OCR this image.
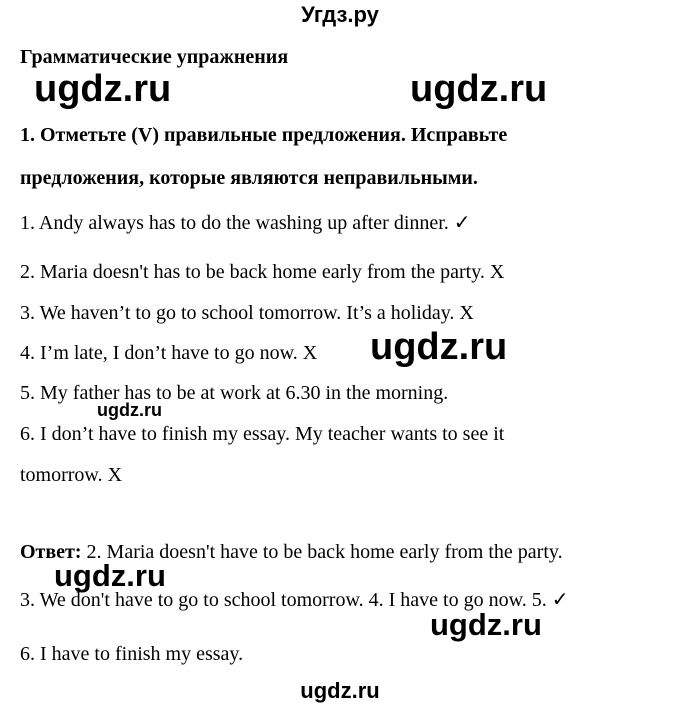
Угдз.ру
Грамматические упражнения
ugdz.ru	ugdz.ru
1. Отметьте (V) правильные предложения. Исправьте
предложения, которые являются неправильными.
1. Andy always has to do the washing up after dinner. ✓
2. Maria doesn't has to be back home early from the party. X
3. We haven’t to go to school tomorrow. It’s a holiday. X
4. I’m late, I don’t have to go now. X ugdz.ru
5. My father has to be at work at 6.30 in the morning.
ugdz.ru
6. I don’t have to finish my essay. My teacher wants to see it
tomorrow. X
Ответ: 2. Maria doesn't have to be back home early from the party.
ugdz.ru
3. We don't have to go to school tomorrow. 4. I have to go now. 5. ✓
ugdz.ru
6. I have to finish my essay.
ugdz.ru
